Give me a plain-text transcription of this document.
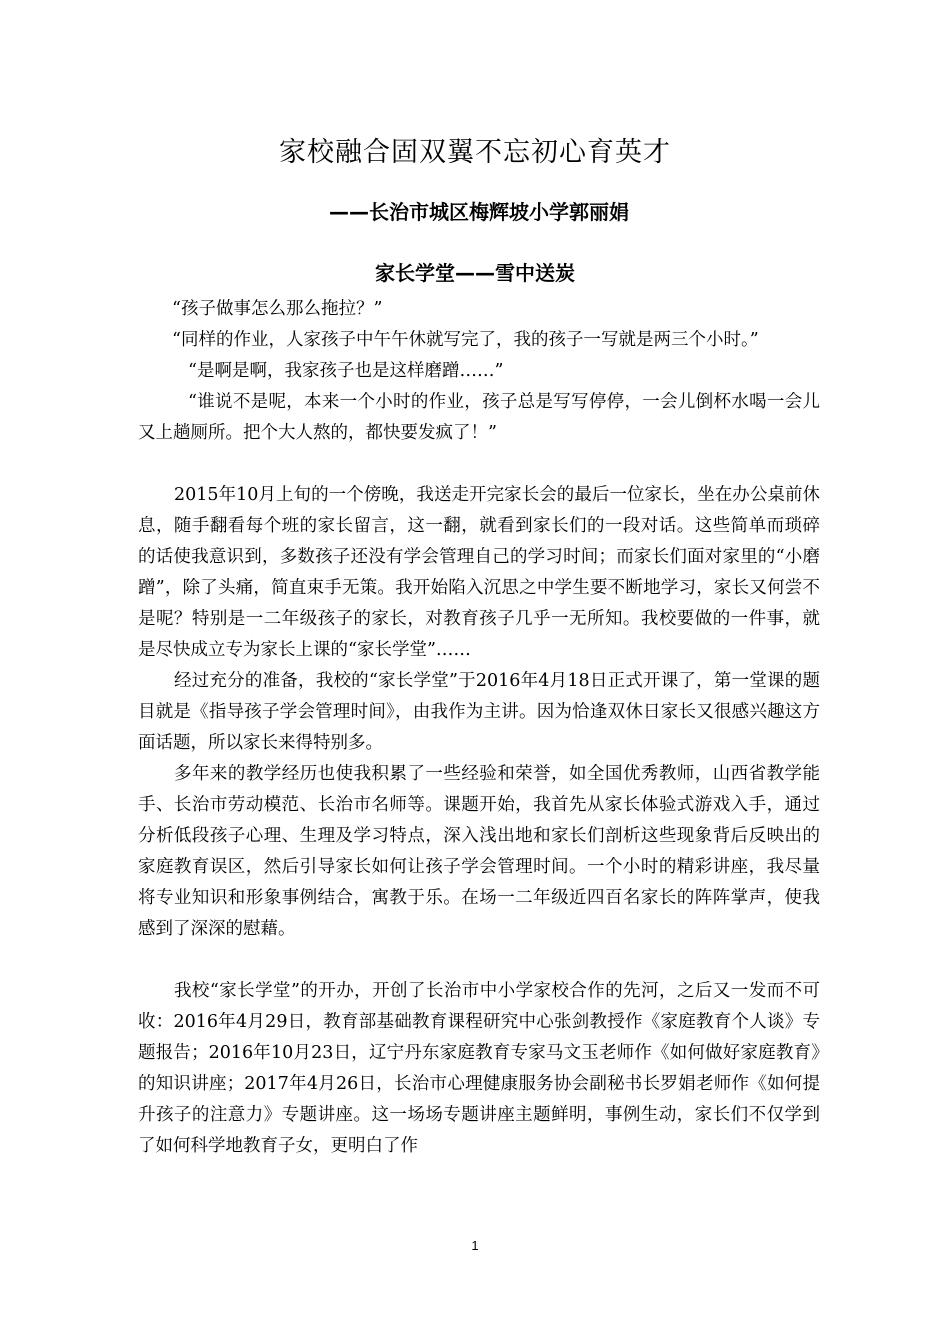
家校融合固双翼不忘初心育英才
——长治市城区梅辉坡小学郭丽娟
家长学堂——雪中送炭

“孩子做事怎么那么拖拉？”

“同样的作业，人家孩子中午午休就写完了，我的孩子一写就是两三个小时。”

“是啊是啊，我家孩子也是这样磨蹭……”

“谁说不是呢，本来一个小时的作业，孩子总是写写停停，一会儿倒杯水喝一会儿又上趟厕所。把个大人熬的，都快要发疯了！”

2015年10月上旬的一个傍晚，我送走开完家长会的最后一位家长，坐在办公桌前休息，随手翻看每个班的家长留言，这一翻，就看到家长们的一段对话。这些简单而琐碎的话使我意识到，多数孩子还没有学会管理自己的学习时间；而家长们面对家里的“小磨蹭”，除了头痛，简直束手无策。我开始陷入沉思之中学生要不断地学习，家长又何尝不是呢？特别是一二年级孩子的家长，对教育孩子几乎一无所知。我校要做的一件事，就是尽快成立专为家长上课的“家长学堂”……

经过充分的准备，我校的“家长学堂”于2016年4月18日正式开课了，第一堂课的题目就是《指导孩子学会管理时间》，由我作为主讲。因为恰逢双休日家长又很感兴趣这方面话题，所以家长来得特别多。

多年来的教学经历也使我积累了一些经验和荣誉，如全国优秀教师，山西省教学能手、长治市劳动模范、长治市名师等。课题开始，我首先从家长体验式游戏入手，通过分析低段孩子心理、生理及学习特点，深入浅出地和家长们剖析这些现象背后反映出的家庭教育误区，然后引导家长如何让孩子学会管理时间。一个小时的精彩讲座，我尽量将专业知识和形象事例结合，寓教于乐。在场一二年级近四百名家长的阵阵掌声，使我感到了深深的慰藉。

我校“家长学堂”的开办，开创了长治市中小学家校合作的先河，之后又一发而不可收：2016年4月29日，教育部基础教育课程研究中心张剑教授作《家庭教育个人谈》专题报告；2016年10月23日，辽宁丹东家庭教育专家马文玉老师作《如何做好家庭教育》的知识讲座；2017年4月26日，长治市心理健康服务协会副秘书长罗娟老师作《如何提升孩子的注意力》专题讲座。这一场场专题讲座主题鲜明，事例生动，家长们不仅学到了如何科学地教育子女，更明白了作

1
